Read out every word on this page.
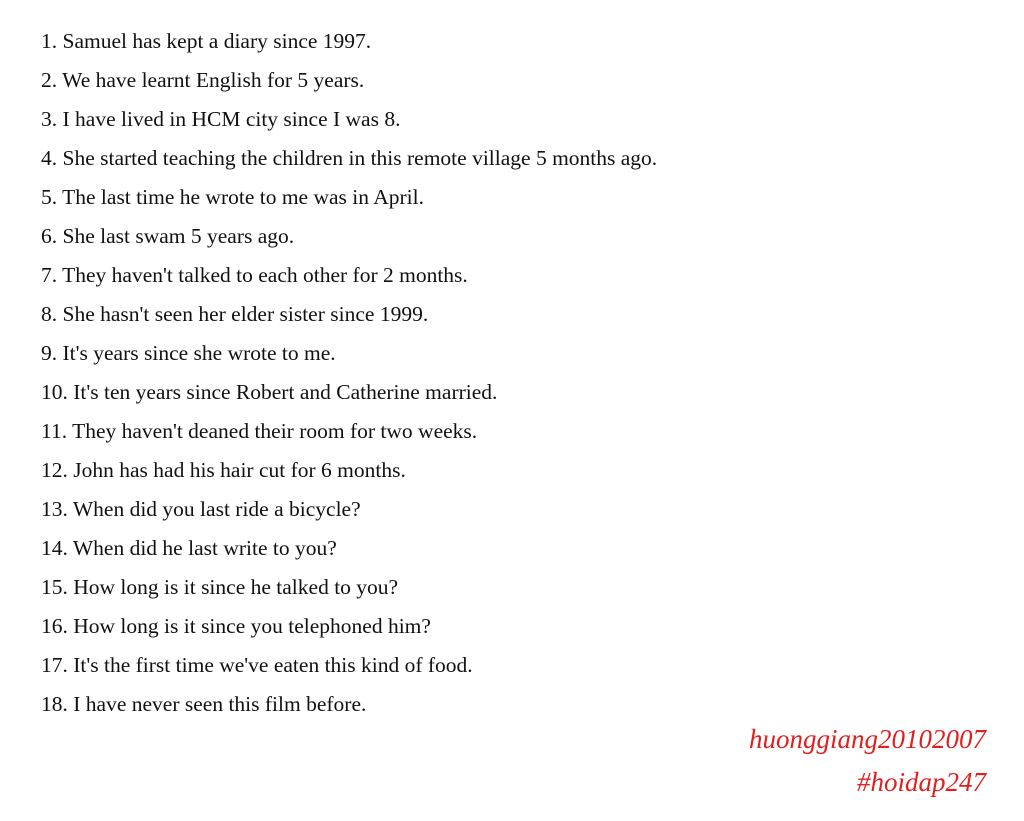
1. Samuel has kept a diary since 1997.
2. We have learnt English for 5 years.
3. I have lived in HCM city since I was 8.
4. She started teaching the children in this remote village 5 months ago.
5. The last time he wrote to me was in April.
6. She last swam 5 years ago.
7. They haven't talked to each other for 2 months.
8. She hasn't seen her elder sister since 1999.
9. It's years since she wrote to me.
10. It's ten years since Robert and Catherine married.
11. They haven't deaned their room for two weeks.
12. John has had his hair cut for 6 months.
13. When did you last ride a bicycle?
14. When did he last write to you?
15. How long is it since he talked to you?
16. How long is it since you telephoned him?
17. It's the first time we've eaten this kind of food.
18. I have never seen this film before.
huonggiang20102007
#hoidap247
